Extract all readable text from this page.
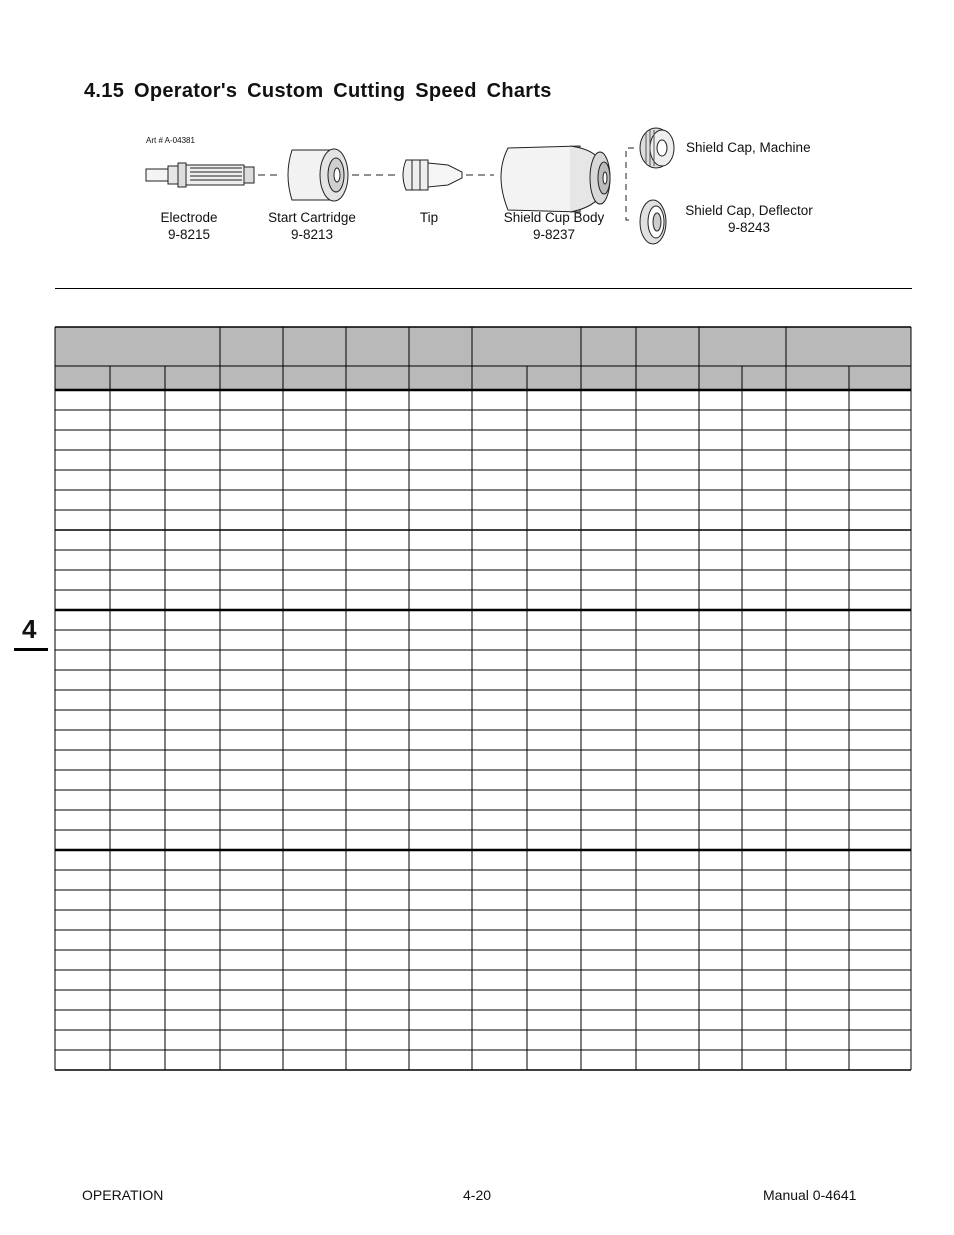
4.15 Operator's Custom Cutting Speed Charts
Art # A-04381
Electrode
9-8215
Start Cartridge
9-8213
Tip	Shield Cup Body
9-8237
Shield Cap, Machine
Shield Cap, Deflector
9-8243
4
OPERATION	4-20	Manual 0-4641
